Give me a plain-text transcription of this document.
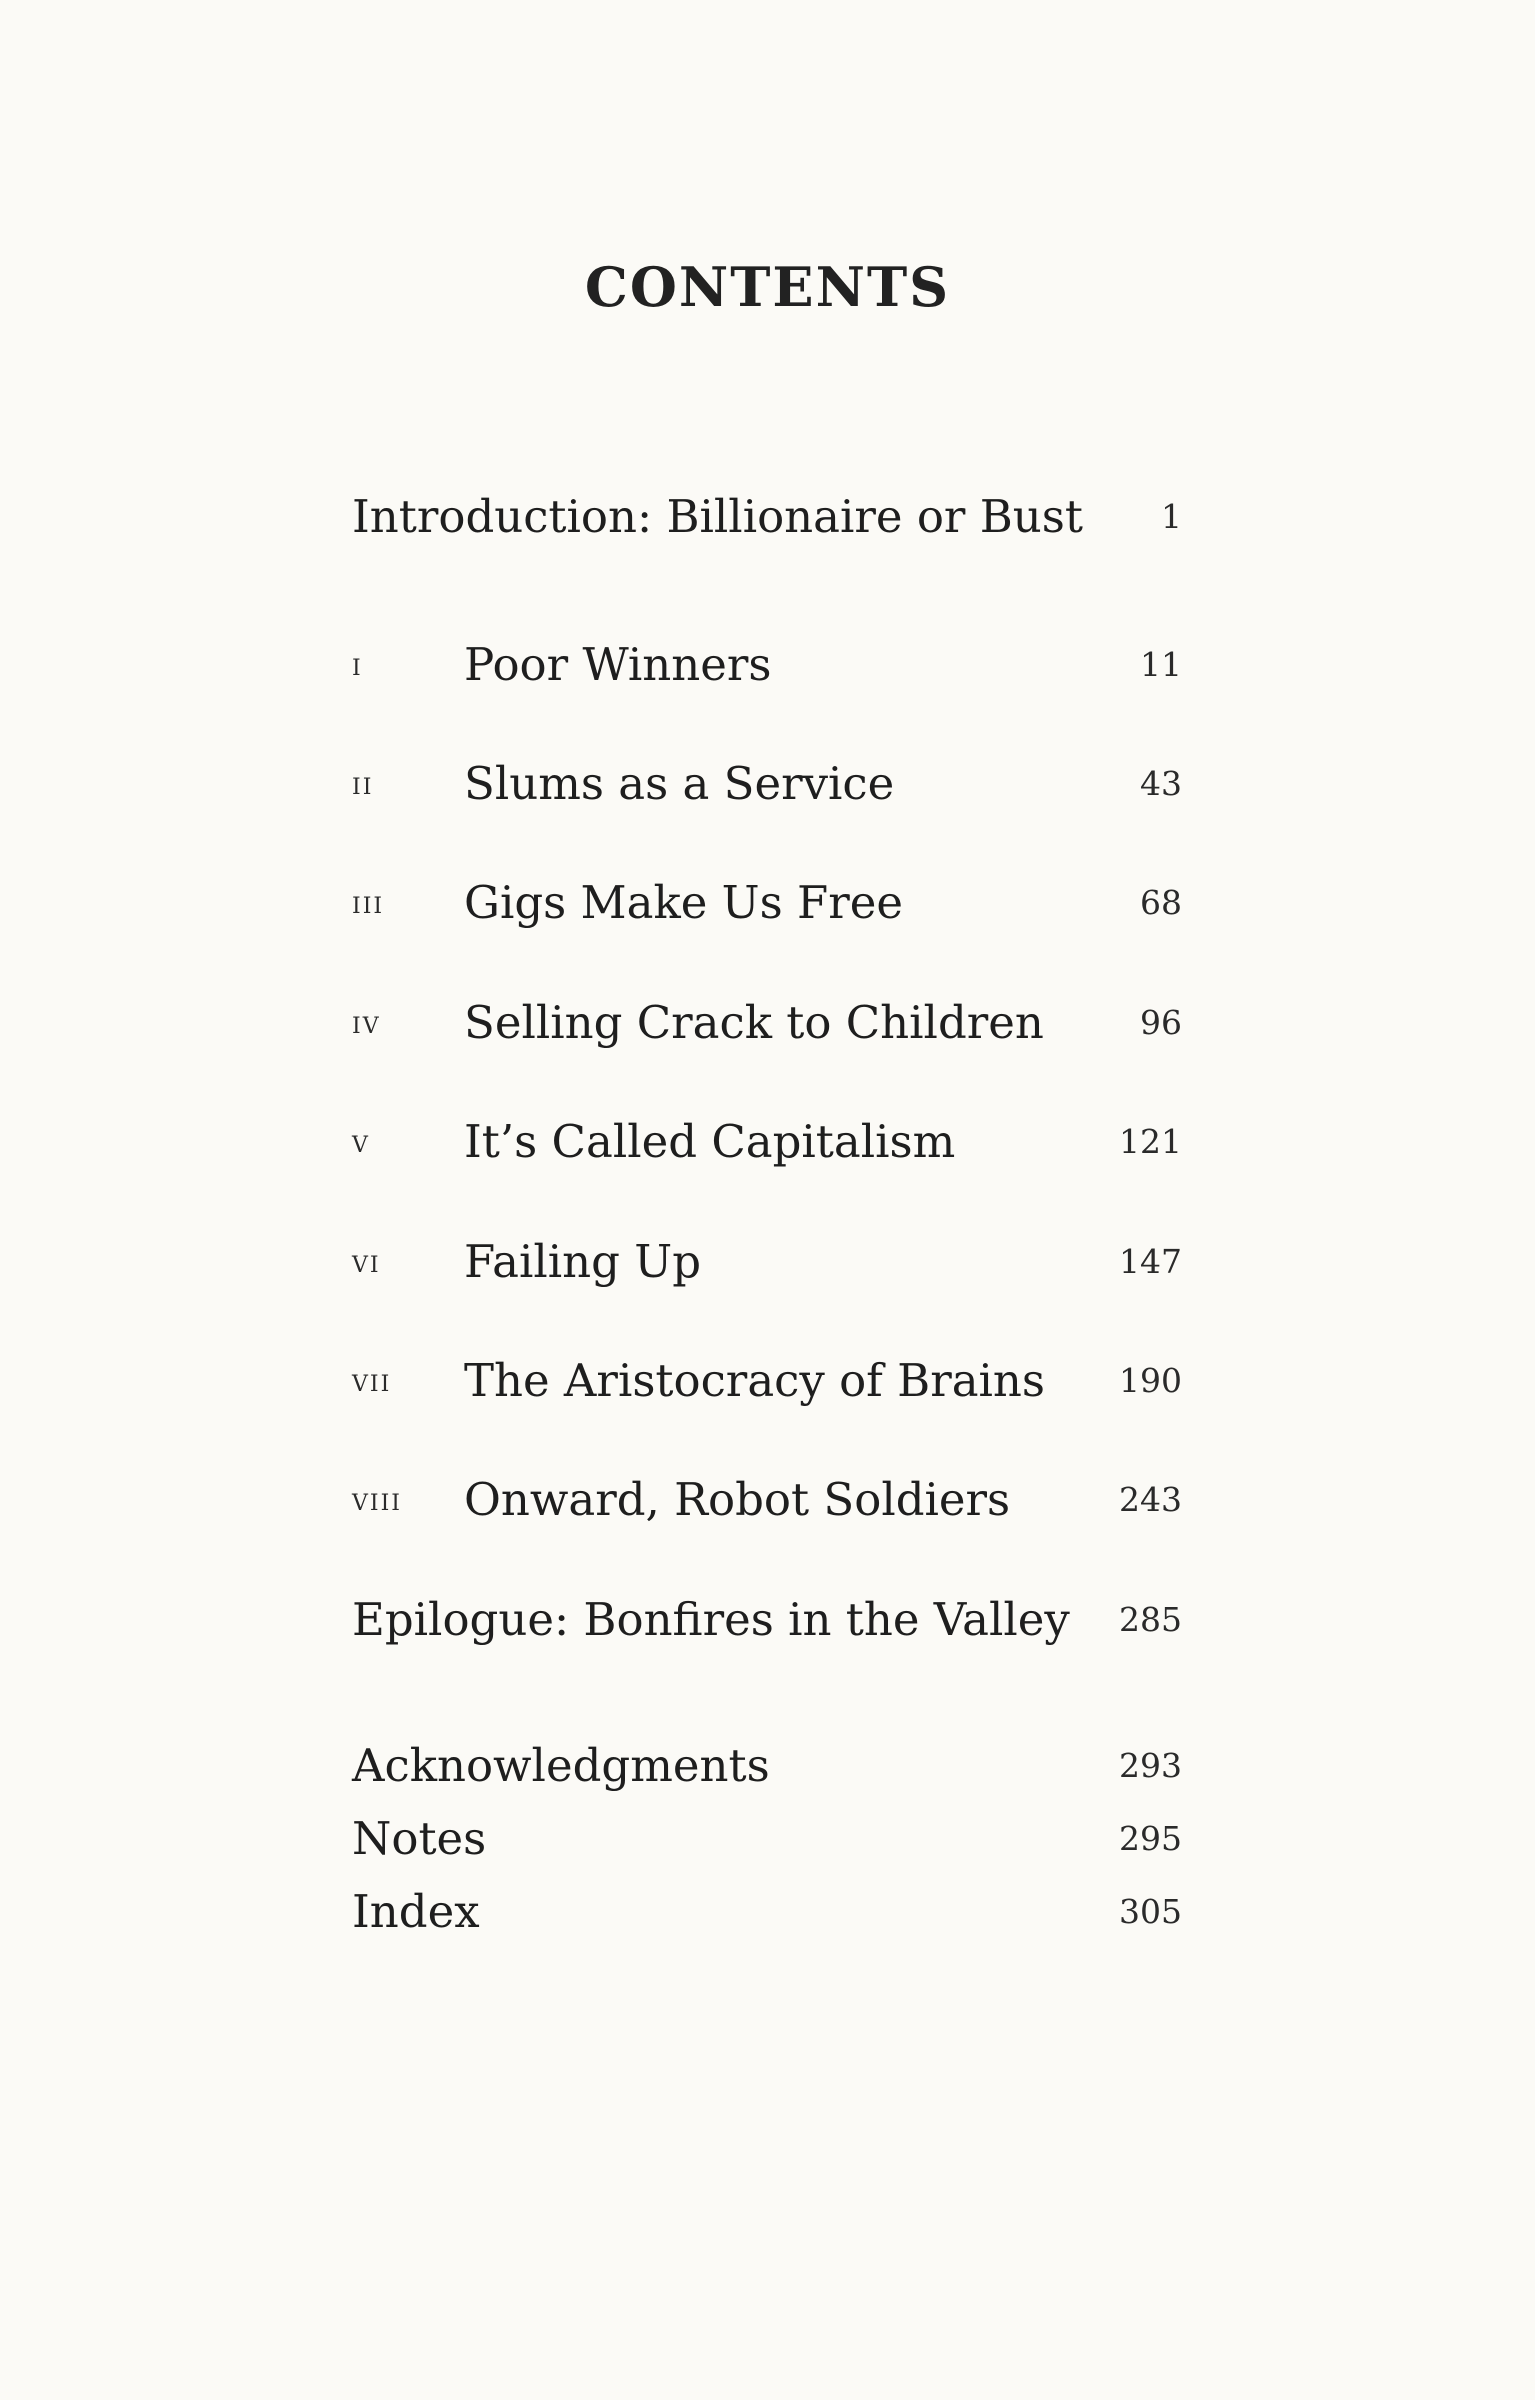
CONTENTS
Introduction: Billionaire or Bust 1
i Poor Winners	11
ii Slums as a Service	43
iii Gigs Make Us Free	68
iv Selling Crack to Children	96
v It’s Called Capitalism	121
vi Failing Up	147
vii The Aristocracy of Brains 190
viii Onward, Robot Soldiers	243
Epilogue: Bonfires in the Valley 285
Acknowledgments	293
Notes	295
Index	305
